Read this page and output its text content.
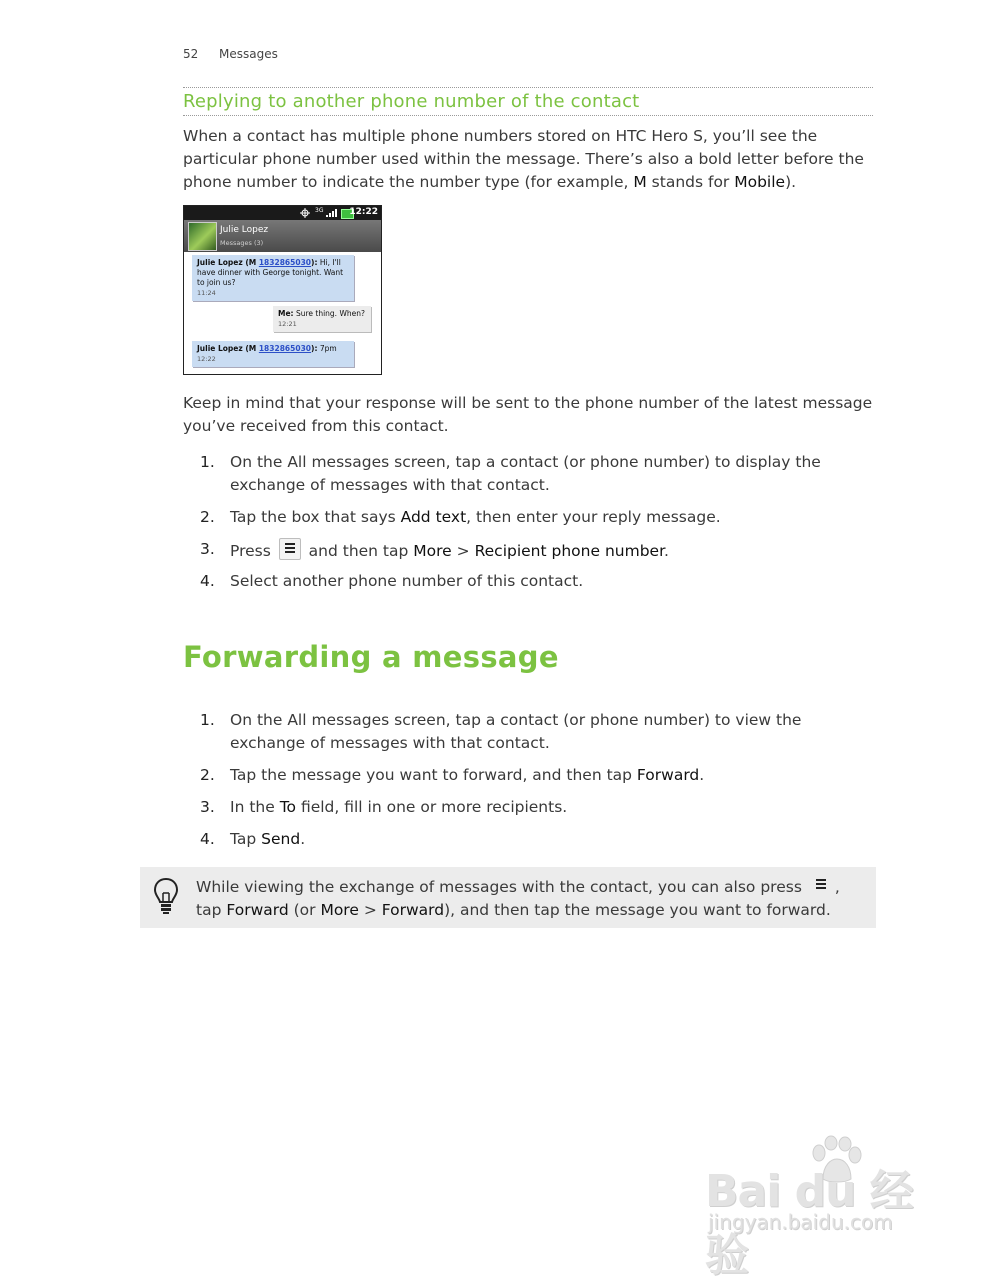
52 Messages
Replying to another phone number of the contact
When a contact has multiple phone numbers stored on HTC Hero S, you’ll see the particular phone number used within the message. There’s also a bold letter before the phone number to indicate the number type (for example, M stands for Mobile).
3G	12:22
Julie Lopez
Messages (3)
Julie Lopez (M 1832865030): Hi, I'll have dinner with George tonight. Want to join us?
11:24
Me: Sure thing. When?
12:21
Julie Lopez (M 1832865030): 7pm
12:22
Keep in mind that your response will be sent to the phone number of the latest message you’ve received from this contact.
1. On the All messages screen, tap a contact (or phone number) to display the exchange of messages with that contact.
2. Tap the box that says Add text, then enter your reply message.
3. Press
and then tap More > Recipient phone number.
4. Select another phone number of this contact.
Forwarding a message
1. On the All messages screen, tap a contact (or phone number) to view the exchange of messages with that contact.
2. Tap the message you want to forward, and then tap Forward.
3. In the To field, fill in one or more recipients.
4. Tap Send.
While viewing the exchange of messages with the contact, you can also press
, tap Forward (or More > Forward), and then tap the message you want to forward.
Bai du 经验
jingyan.baidu.com
